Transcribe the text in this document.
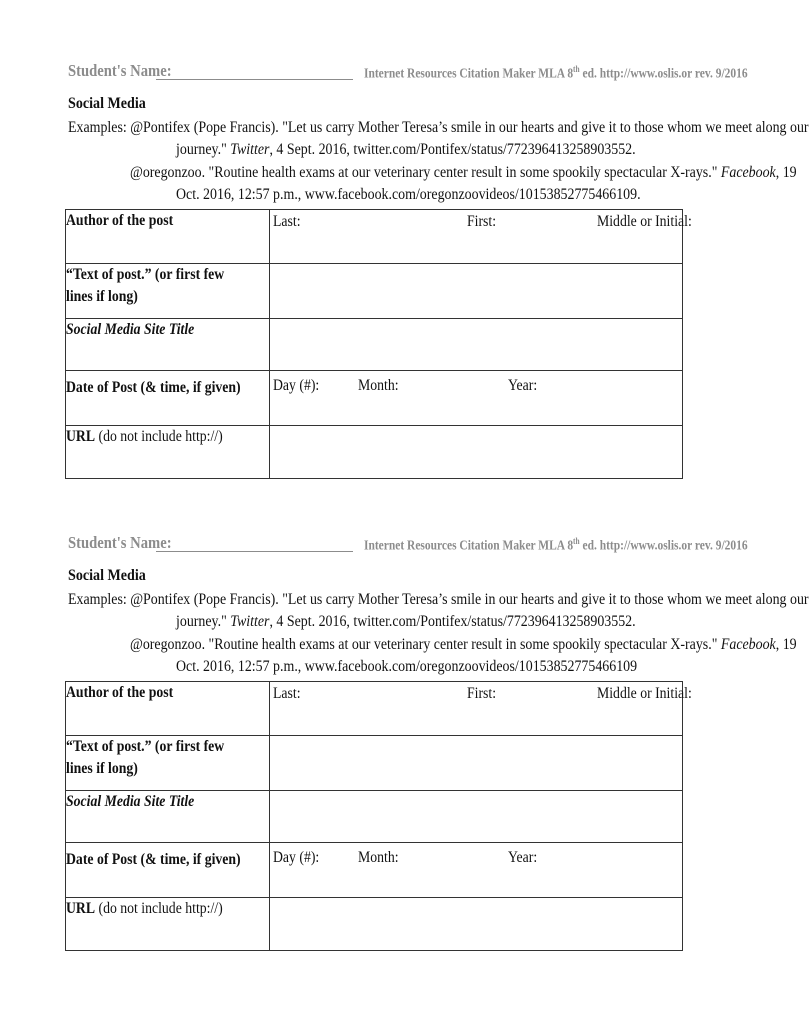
Student's Name:	Internet Resources Citation Maker MLA 8th ed. http://www.oslis.or rev. 9/2016
Social Media
Examples: @Pontifex (Pope Francis). "Let us carry Mother Teresa’s smile in our hearts and give it to those whom we meet along our
journey." Twitter, 4 Sept. 2016, twitter.com/Pontifex/status/772396413258903552.
@oregonzoo. "Routine health exams at our veterinary center result in some spookily spectacular X-rays." Facebook, 19
Oct. 2016, 12:57 p.m., www.facebook.com/oregonzoovideos/10153852775466109.
Author of the post	Last: First: Middle or Initial:

“Text of post.” (or first few lines if long)	
Social Media Site Title	
Date of Post (& time, if given)	Day (#): Month: Year:

URL (do not include http://)	
Student's Name:	Internet Resources Citation Maker MLA 8th ed. http://www.oslis.or rev. 9/2016
Social Media
Examples: @Pontifex (Pope Francis). "Let us carry Mother Teresa’s smile in our hearts and give it to those whom we meet along our
journey." Twitter, 4 Sept. 2016, twitter.com/Pontifex/status/772396413258903552.
@oregonzoo. "Routine health exams at our veterinary center result in some spookily spectacular X-rays." Facebook, 19
Oct. 2016, 12:57 p.m., www.facebook.com/oregonzoovideos/10153852775466109
Author of the post	Last: First: Middle or Initial:

“Text of post.” (or first few lines if long)	
Social Media Site Title	
Date of Post (& time, if given)	Day (#): Month: Year:

URL (do not include http://)	
